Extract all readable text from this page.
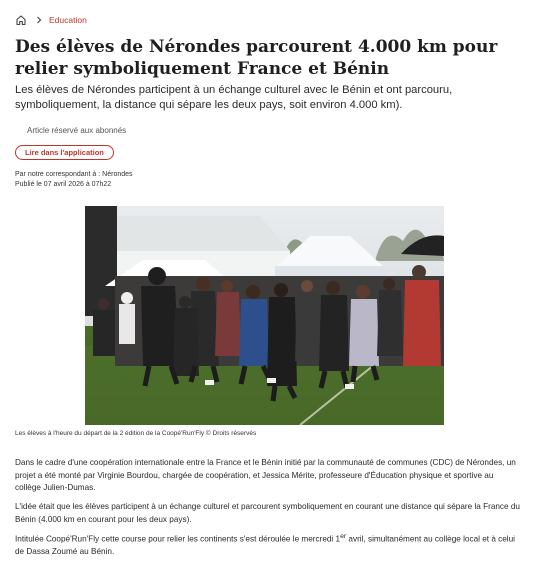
Education
Des élèves de Nérondes parcourent 4.000 km pour relier symboliquement France et Bénin

Les élèves de Nérondes participent à un échange culturel avec le Bénin et ont parcouru, symboliquement, la distance qui sépare les deux pays, soit environ 4.000 km).

Article réservé aux abonnés
Lire dans l'application
Par notre correspondant à : Nérondes
Publié le 07 avril 2026 à 07h22
Les élèves à l'heure du départ de la 2 édition de la Coopé'Run'Fly © Droits réservés

Dans le cadre d'une coopération internationale entre la France et le Bénin initié par la communauté de communes (CDC) de Nérondes, un projet a été monté par Virginie Bourdou, chargée de coopération, et Jessica Mérite, professeure d'Éducation physique et sportive au collège Julien-Dumas.

L'idée était que les élèves participent à un échange culturel et parcourent symboliquement en courant une distance qui sépare la France du Bénin (4.000 km en courant pour les deux pays).

Intitulée Coopé'Run'Fly cette course pour relier les continents s'est déroulée le mercredi 1er avril, simultanément au collège local et à celui de Dassa Zoumé au Bénin.
